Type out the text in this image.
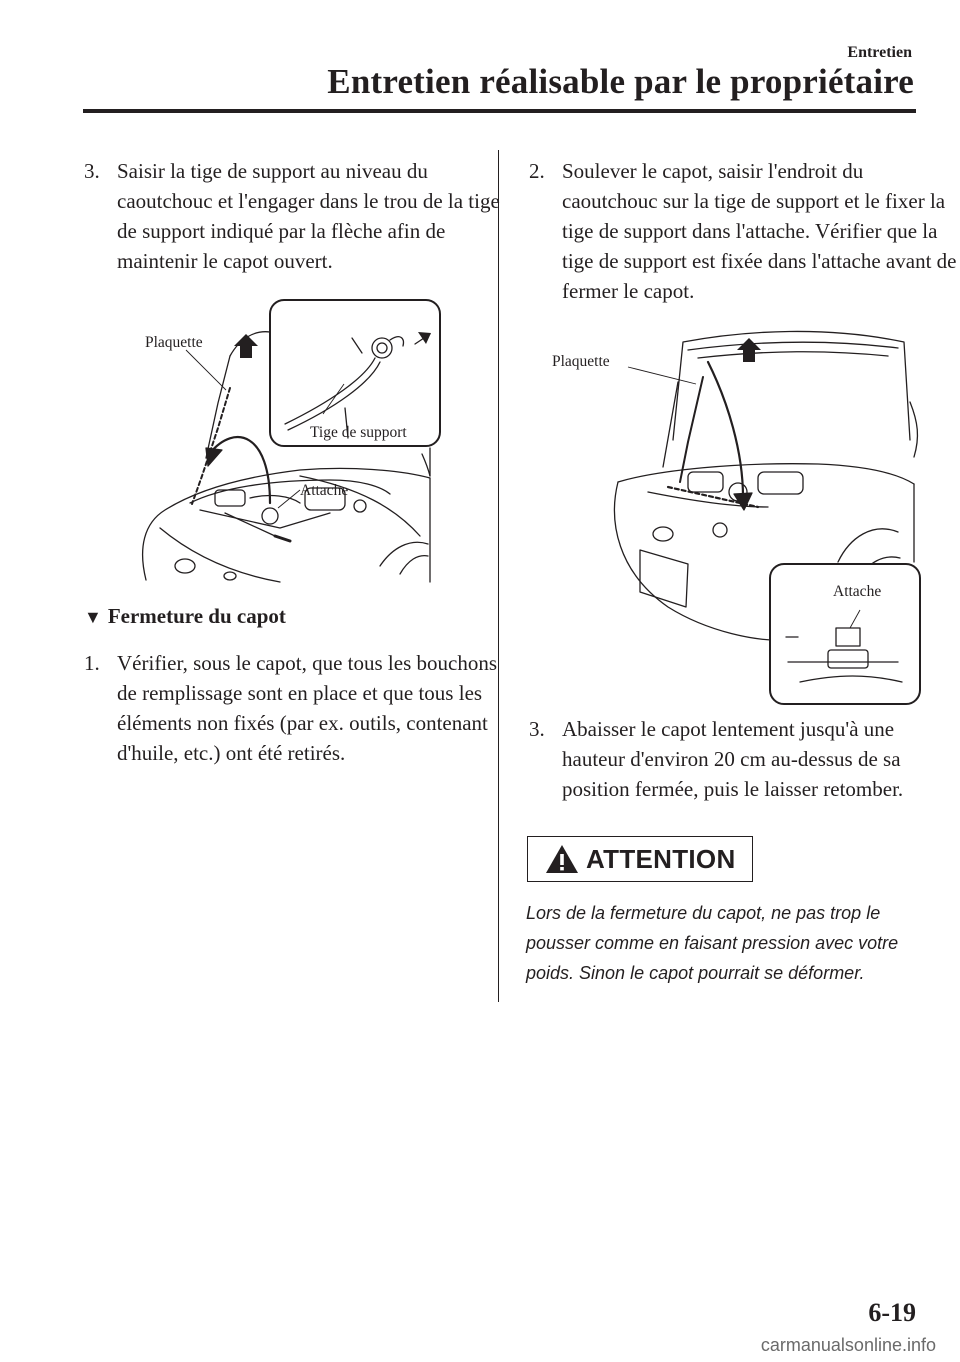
Entretien
Entretien réalisable par le propriétaire
3. Saisir la tige de support au niveau du caoutchouc et l'engager dans le trou de la tige de support indiqué par la flèche afin de maintenir le capot ouvert.
Plaquette
Tige de support
Attache
▼ Fermeture du capot
1. Vérifier, sous le capot, que tous les bouchons de remplissage sont en place et que tous les éléments non fixés (par ex. outils, contenant d'huile, etc.) ont été retirés.
2. Soulever le capot, saisir l'endroit du caoutchouc sur la tige de support et le fixer la tige de support dans l'attache. Vérifier que la tige de support est fixée dans l'attache avant de fermer le capot.
Plaquette
Attache
3. Abaisser le capot lentement jusqu'à une hauteur d'environ 20 cm au-dessus de sa position fermée, puis le laisser retomber.
ATTENTION
Lors de la fermeture du capot, ne pas trop le pousser comme en faisant pression avec votre poids. Sinon le capot pourrait se déformer.
6-19
carmanualsonline.info
